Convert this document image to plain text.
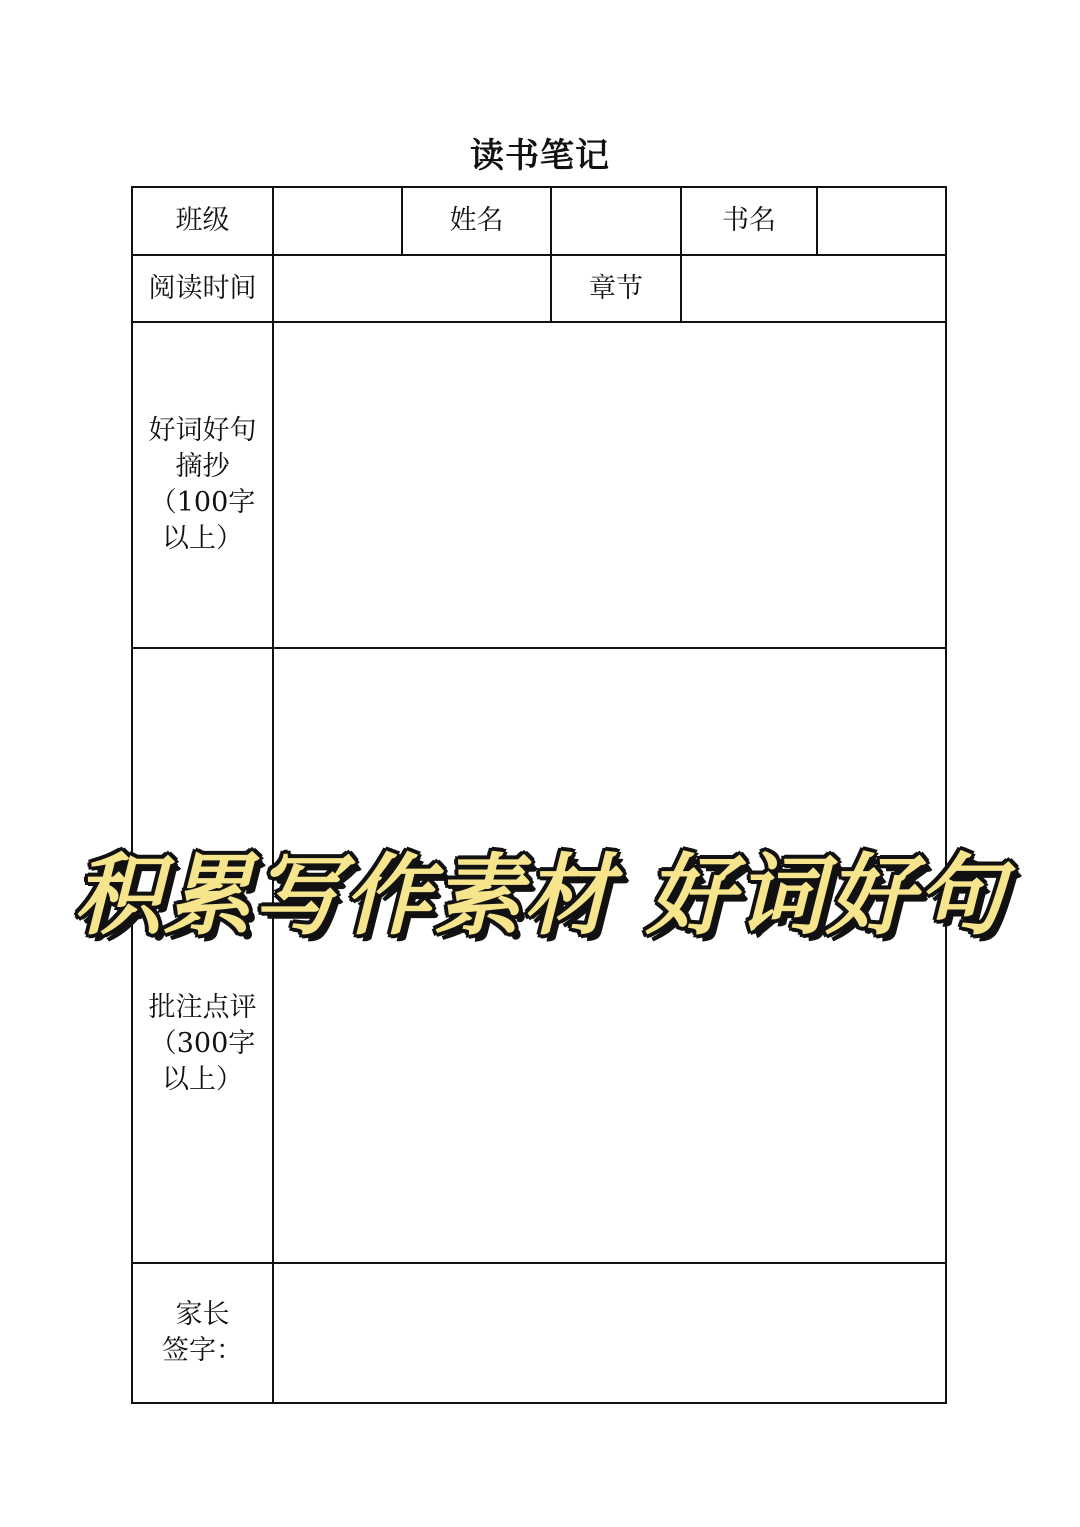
读书笔记
班级	姓名	书名
阅读时间	章节
好词好句
摘抄
（100字
以上）
批注点评
（300字
以上）
家长
签字：
积累写作素材 好词好句
